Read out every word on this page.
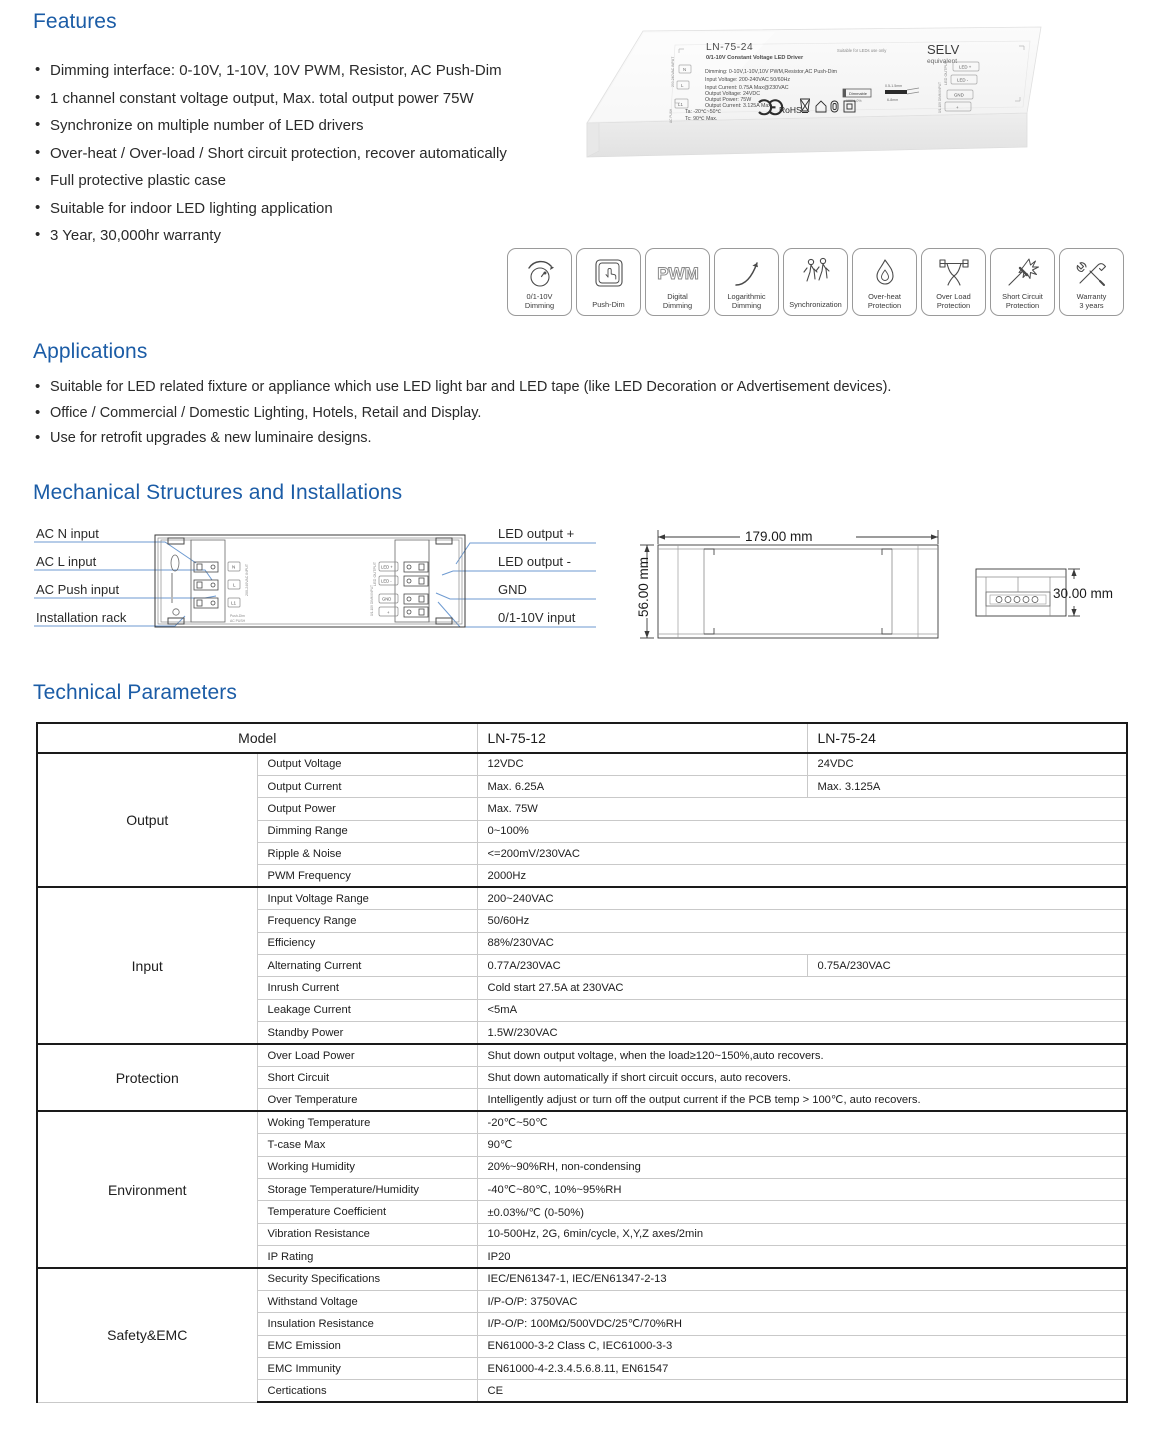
Features
• Dimming interface: 0-10V, 1-10V, 10V PWM, Resistor, AC Push-Dim
• 1 channel constant voltage output, Max. total output power 75W
• Synchronize on multiple number of LED drivers
• Over-heat / Over-load / Short circuit protection, recover automatically
• Full protective plastic case
• Suitable for indoor LED lighting application
• 3 Year, 30,000hr warranty
LN-75-24
0/1-10V Constant Voltage LED Driver
Suitable for LEDs use only	SELV
equivalent
Dimming: 0-10V,1-10V,10V PWM,Resistor,AC Push-Dim
Input Voltage: 200-240VAC 50/60Hz
Input Current: 0.75A Max@230VAC
Output Voltage: 24VDC
Output Power: 75W
Output Current: 3.125A Max.
Ta: -20℃~50℃
Tc: 90℃ Max.
N
L
L1
200-240VAC INPUT
AC PUSH
Dimmable
100%-0%
0.5-1.5mm
6-8mm
LED +
LED -
GND
+
LED OUTPUT
0/1-10V DIMM INPUT
RoHS
0/1-10V
Dimming	Push-Dim
PWM
Digital
Dimming
Logarithmic
Dimming	Synchronization
Over-heat
Protection
Over Load
Protection
Short Circuit
Protection
Warranty
3 years
Applications
• Suitable for LED related fixture or appliance which use LED light bar and LED tape (like LED Decoration or Advertisement devices).
• Office / Commercial / Domestic Lighting, Hotels, Retail and Display.
• Use for retrofit upgrades & new luminaire designs.
Mechanical Structures and Installations
AC N input
AC L input
AC Push input
Installation rack
LED output +
LED output -
GND
0/1-10V input
N
L
L1
200-240VAC INPUT
AC PUSH
Push-Dim
LED +
LED -
GND
+
LED OUTPUT
0/1-10V DIMM INPUT
179.00 mm
56.00 mm	30.00 mm
Technical Parameters
Model		LN-75-12	LN-75-24
Output	Output Voltage	12VDC	24VDC
	Output Current	Max. 6.25A	Max. 3.125A
	Output Power	Max. 75W	
	Dimming Range	0~100%	
	Ripple & Noise	<=200mV/230VAC	
	PWM Frequency	2000Hz	
Input	Input Voltage Range	200~240VAC	
	Frequency Range	50/60Hz	
	Efficiency	88%/230VAC	
	Alternating Current	0.77A/230VAC	0.75A/230VAC
	Inrush Current	Cold start 27.5A at 230VAC	
	Leakage Current	<5mA	
	Standby Power	1.5W/230VAC	
Protection	Over Load Power	Shut down output voltage, when the load≥120~150%,auto recovers.	
	Short Circuit	Shut down automatically if short circuit occurs, auto recovers.	
	Over Temperature	Intelligently adjust or turn off the output current if the PCB temp > 100℃, auto recovers.	
Environment	Woking Temperature	-20℃~50℃	
	T-case Max	90℃	
	Working Humidity	20%~90%RH, non-condensing	
	Storage Temperature/Humidity	-40℃~80℃, 10%~95%RH	
	Temperature Coefficient	±0.03%/℃ (0-50%)	
	Vibration Resistance	10-500Hz, 2G, 6min/cycle, X,Y,Z axes/2min	
	IP Rating	IP20	
Safety&EMC	Security Specifications	IEC/EN61347-1, IEC/EN61347-2-13	
	Withstand Voltage	I/P-O/P: 3750VAC	
	Insulation Resistance	I/P-O/P: 100MΩ/500VDC/25℃/70%RH	
	EMC Emission	EN61000-3-2 Class C, IEC61000-3-3	
	EMC Immunity	EN61000-4-2.3.4.5.6.8.11, EN61547	
	Certications	CE	
